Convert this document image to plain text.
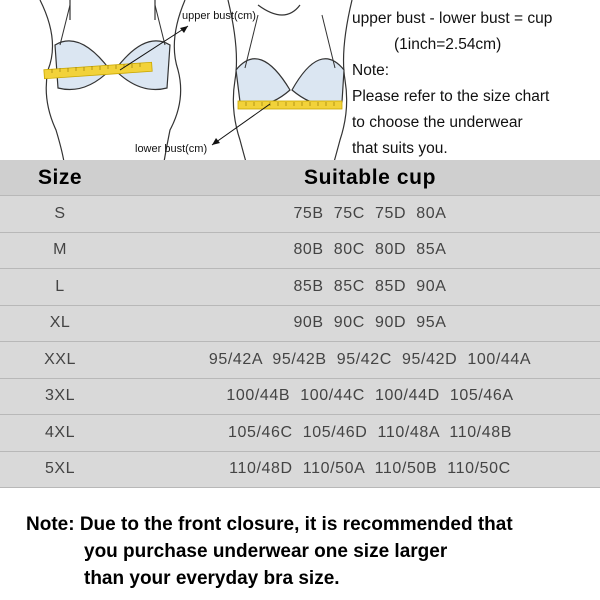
upper bust(cm)
lower bust(cm)
upper bust - lower bust = cup
(1inch=2.54cm)
Note:
Please refer to the size chart
to choose the underwear
that suits you.
Size	Suitable cup
S	75B  75C  75D  80A
M	80B  80C  80D  85A
L	85B  85C  85D  90A
XL	90B  90C  90D  95A
XXL	95/42A  95/42B  95/42C  95/42D  100/44A
3XL	100/44B  100/44C  100/44D  105/46A
4XL	105/46C  105/46D  110/48A  110/48B
5XL	110/48D  110/50A  110/50B  110/50C
Note: Due to the front closure, it is recommended that
you purchase underwear one size larger
than your everyday bra size.
